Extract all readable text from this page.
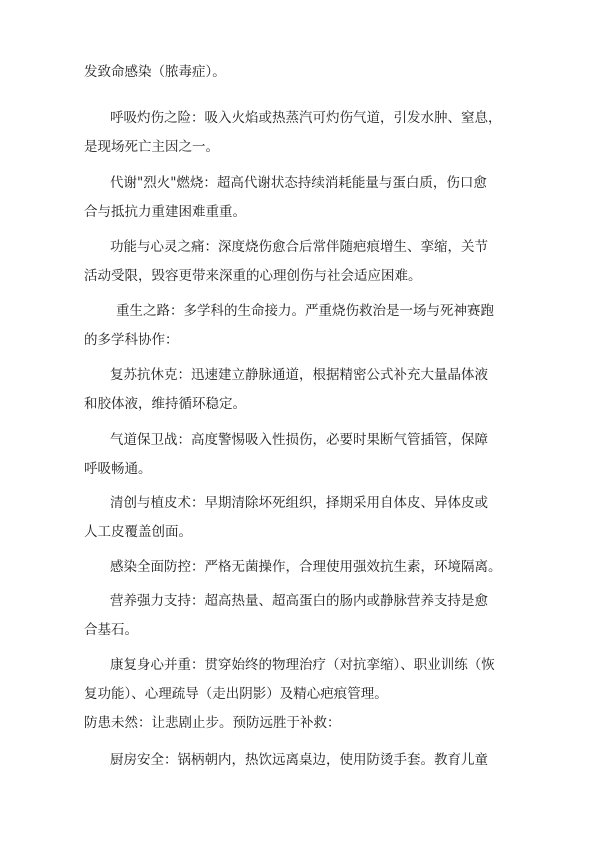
发致命感染（脓毒症）。
呼吸灼伤之险：吸入火焰或热蒸汽可灼伤气道，引发水肿、窒息，
是现场死亡主因之一。
代谢"烈火"燃烧：超高代谢状态持续消耗能量与蛋白质，伤口愈
合与抵抗力重建困难重重。
功能与心灵之痛：深度烧伤愈合后常伴随疤痕增生、挛缩，关节
活动受限，毁容更带来深重的心理创伤与社会适应困难。
重生之路：多学科的生命接力。严重烧伤救治是一场与死神赛跑
的多学科协作：
复苏抗休克：迅速建立静脉通道，根据精密公式补充大量晶体液
和胶体液，维持循环稳定。
气道保卫战：高度警惕吸入性损伤，必要时果断气管插管，保障
呼吸畅通。
清创与植皮术：早期清除坏死组织，择期采用自体皮、异体皮或
人工皮覆盖创面。
感染全面防控：严格无菌操作，合理使用强效抗生素，环境隔离。
营养强力支持：超高热量、超高蛋白的肠内或静脉营养支持是愈
合基石。
康复身心并重：贯穿始终的物理治疗（对抗挛缩）、职业训练（恢
复功能）、心理疏导（走出阴影）及精心疤痕管理。
防患未然：让悲剧止步。预防远胜于补救：
厨房安全：锅柄朝内，热饮远离桌边，使用防烫手套。教育儿童
